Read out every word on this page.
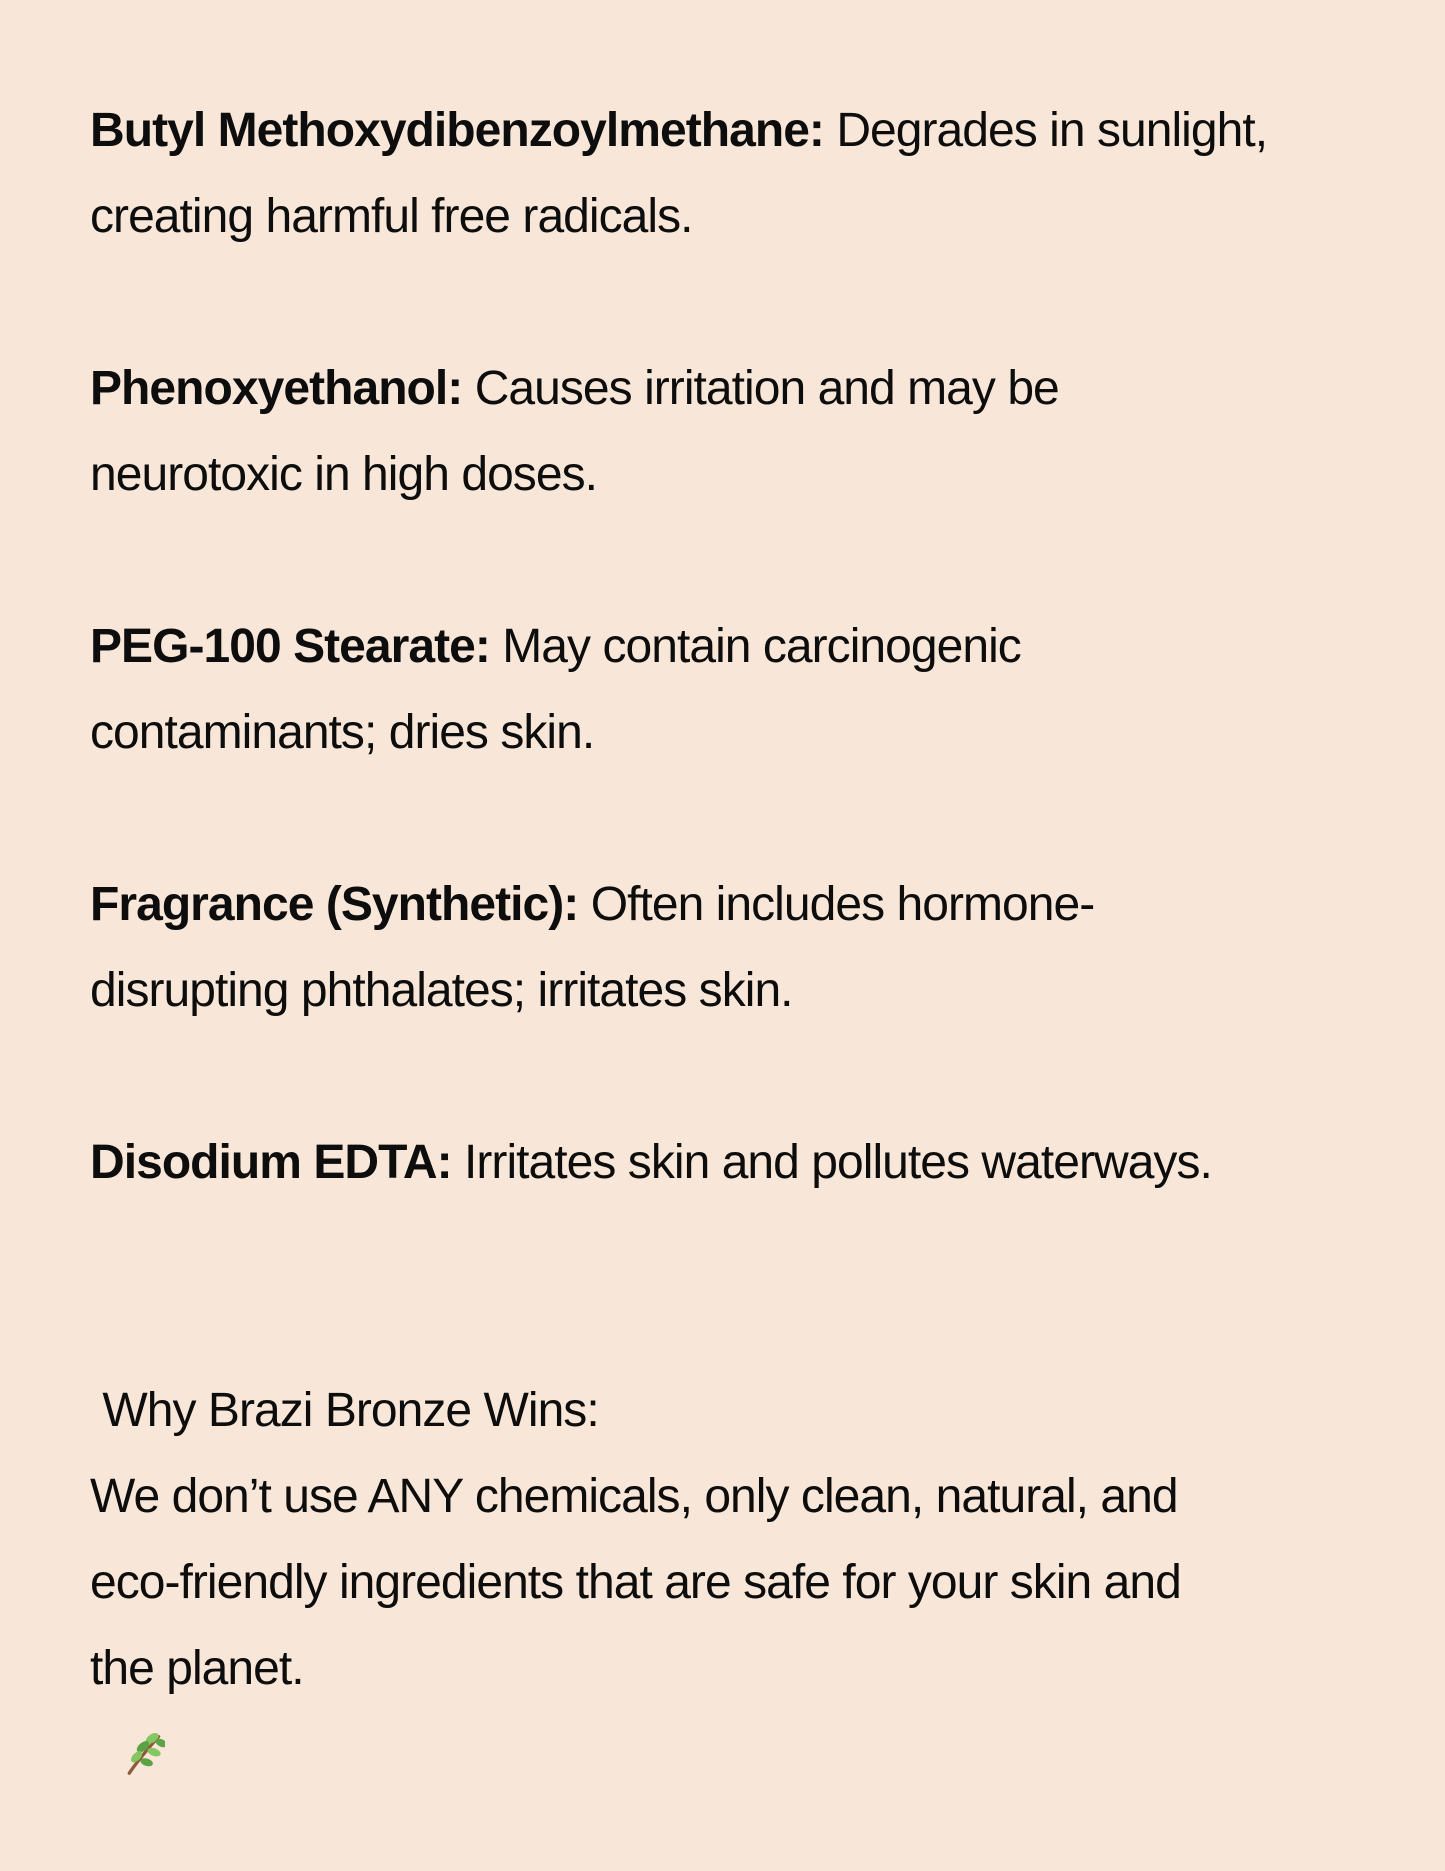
Butyl Methoxydibenzoylmethane: Degrades in sunlight,
creating harmful free radicals.

Phenoxyethanol: Causes irritation and may be
neurotoxic in high doses.

PEG-100 Stearate: May contain carcinogenic
contaminants; dries skin.

Fragrance (Synthetic): Often includes hormone-
disrupting phthalates; irritates skin.

Disodium EDTA: Irritates skin and pollutes waterways.

Why Brazi Bronze Wins:
We don’t use ANY chemicals, only clean, natural, and
eco-friendly ingredients that are safe for your skin and
the planet.
